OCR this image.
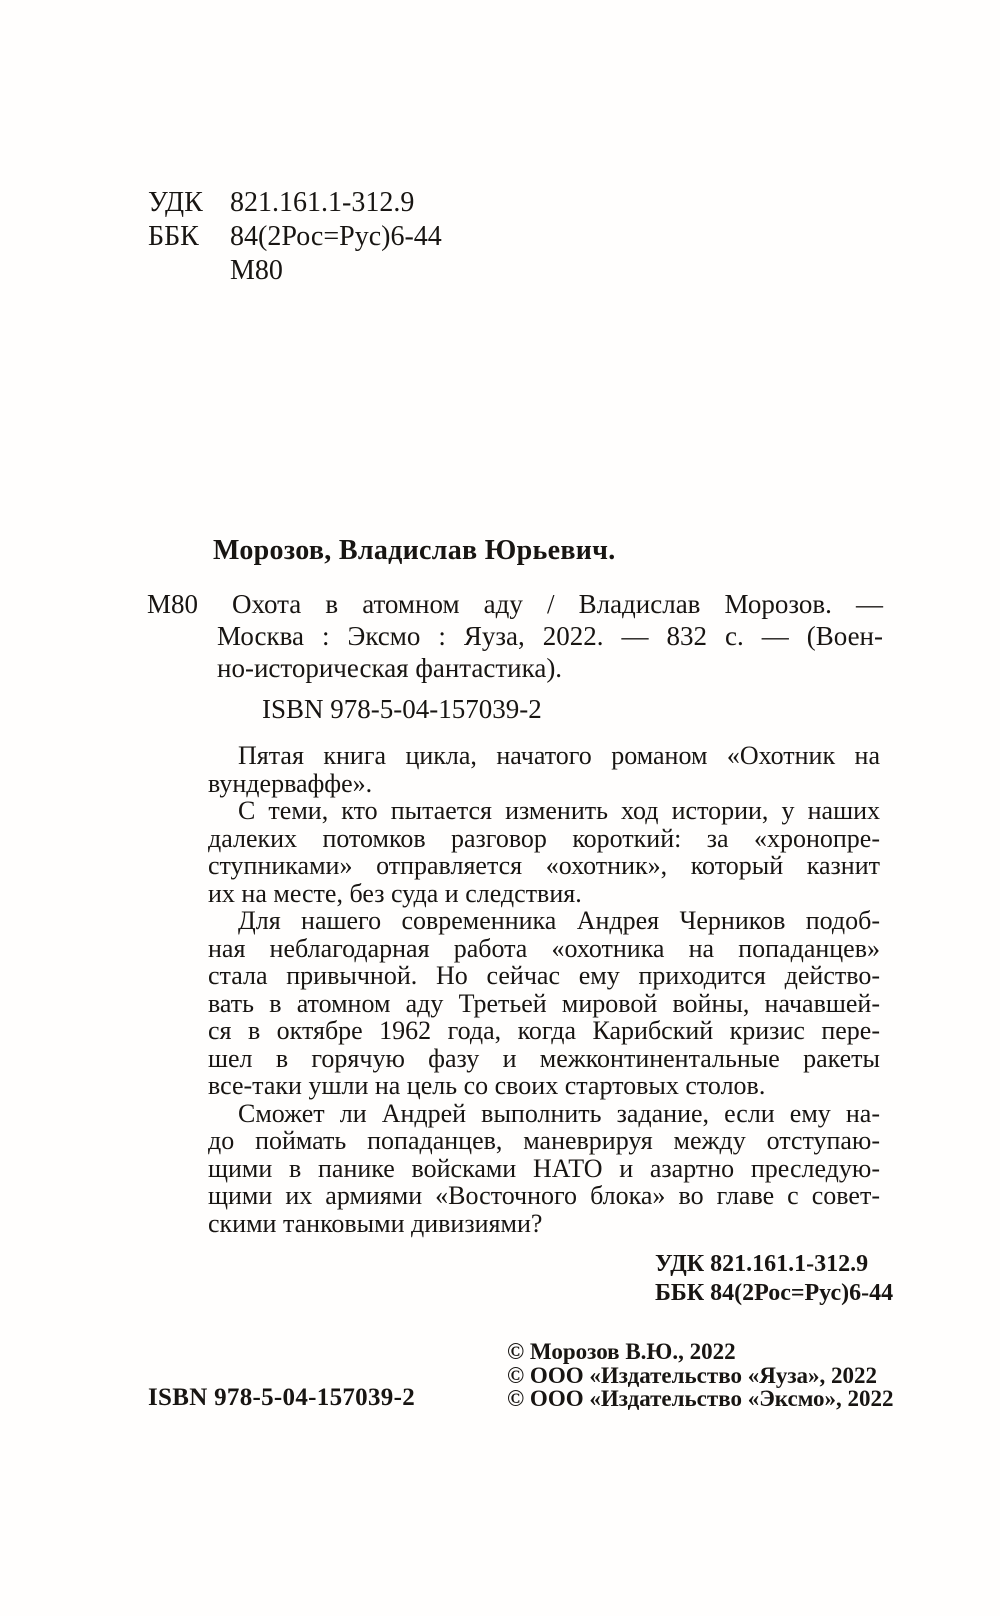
УДК 821.161.1-312.9
ББК	84(2Рос=Рус)6-44
М80
Морозов, Владислав Юрьевич.
М80	Охота в атомном аду / Владислав Морозов. —
Москва : Эксмо : Яуза, 2022. — 832 с. — (Воен-
но-историческая фантастика).
ISBN 978-5-04-157039-2
Пятая книга цикла, начатого романом «Охотник на
вундерваффе».
С теми, кто пытается изменить ход истории, у наших
далеких потомков разговор короткий: за «хронопре-
ступниками» отправляется «охотник», который казнит
их на месте, без суда и следствия.
Для нашего современника Андрея Черников подоб-
ная неблагодарная работа «охотника на попаданцев»
стала привычной. Но сейчас ему приходится действо-
вать в атомном аду Третьей мировой войны, начавшей-
ся в октябре 1962 года, когда Карибский кризис пере-
шел в горячую фазу и межконтинентальные ракеты
все-таки ушли на цель со своих стартовых столов.
Сможет ли Андрей выполнить задание, если ему на-
до поймать попаданцев, маневрируя между отступаю-
щими в панике войсками НАТО и азартно преследую-
щими их армиями «Восточного блока» во главе с совет-
скими танковыми дивизиями?
УДК 821.161.1-312.9
ББК 84(2Рос=Рус)6-44
© Морозов В.Ю., 2022
© ООО «Издательство «Яуза», 2022
© ООО «Издательство «Эксмо», 2022
ISBN 978-5-04-157039-2
